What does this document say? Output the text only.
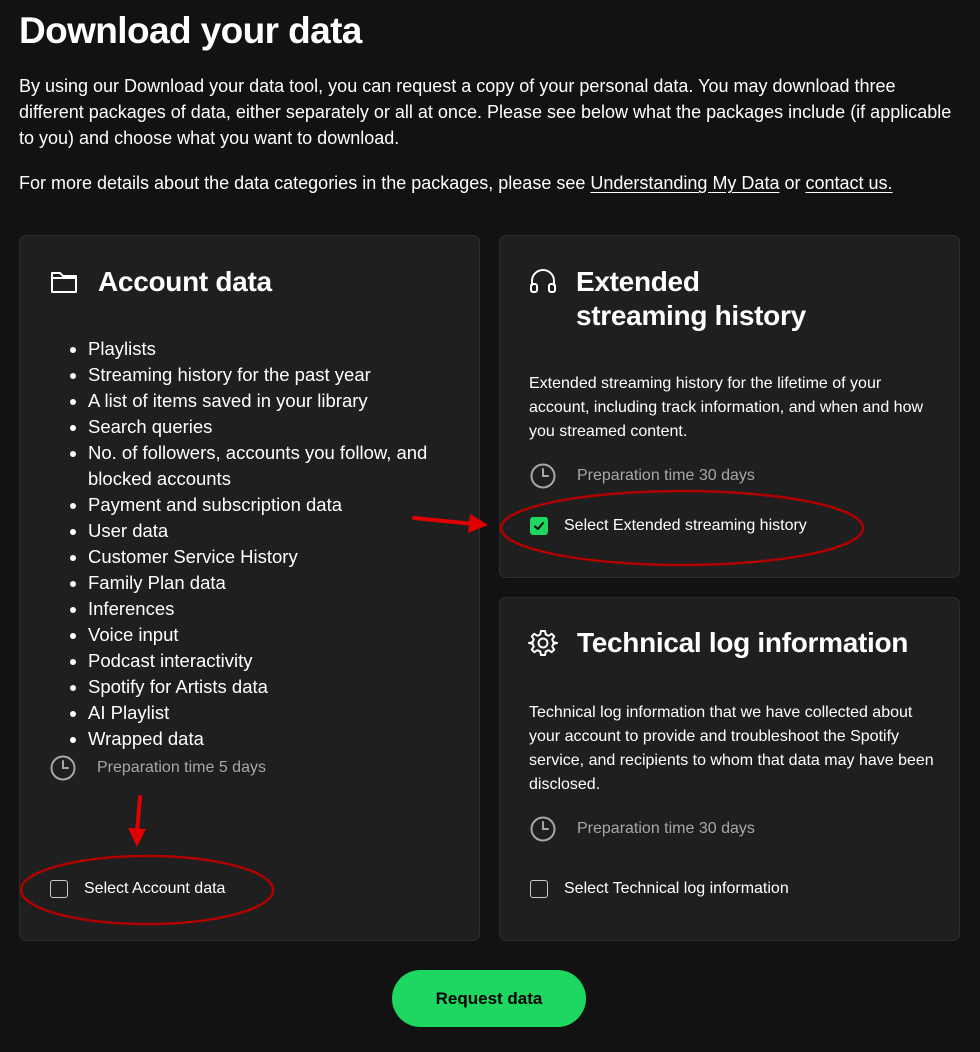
Download your data

By using our Download your data tool, you can request a copy of your personal data. You may download three different packages of data, either separately or all at once. Please see below what the packages include (if applicable to you) and choose what you want to download.

For more details about the data categories in the packages, please see Understanding My Data or contact us.

Account data
• Playlists
• Streaming history for the past year
• A list of items saved in your library
• Search queries
• No. of followers, accounts you follow, and blocked accounts
• Payment and subscription data
• User data
• Customer Service History
• Family Plan data
• Inferences
• Voice input
• Podcast interactivity
• Spotify for Artists data
• AI Playlist
• Wrapped data
Preparation time 5 days
Select Account data
Extended
streaming history

Extended streaming history for the lifetime of your account, including track information, and when and how you streamed content.

Preparation time 30 days
Select Extended streaming history
Technical log information

Technical log information that we have collected about your account to provide and troubleshoot the Spotify service, and recipients to whom that data may have been disclosed.

Preparation time 30 days
Select Technical log information
Request data
